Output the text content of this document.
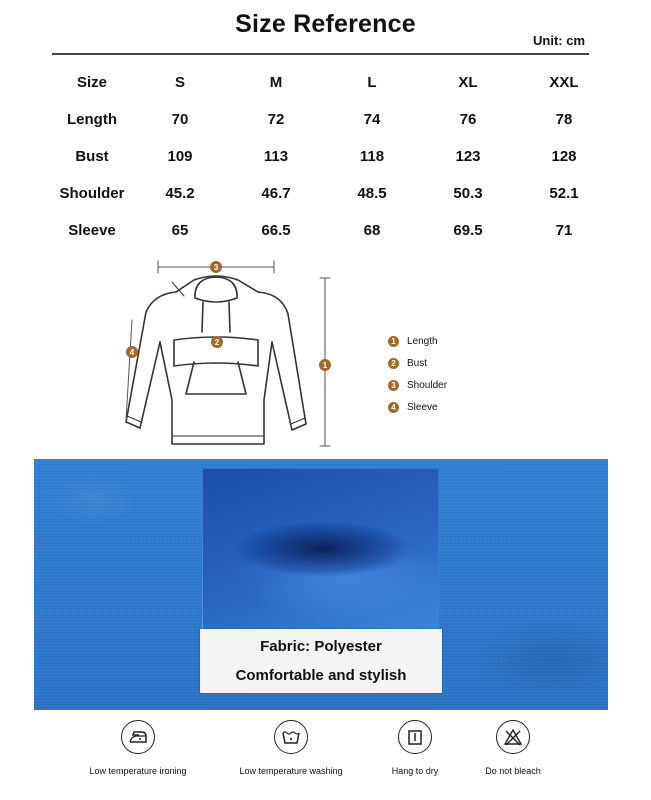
Size Reference
Unit: cm
Size	S	M	L	XL	XXL
Length	70	72	74	76	78
Bust	109	113	118	123	128
Shoulder	45.2	46.7	48.5	50.3	52.1
Sleeve	65	66.5	68	69.5	71
3
2
1
4
1	Length
2	Bust
3	Shoulder
4	Sleeve
Fabric: Polyester
Comfortable and stylish
Low temperature ironing	Low temperature washing	Hang to dry	Do not bleach
